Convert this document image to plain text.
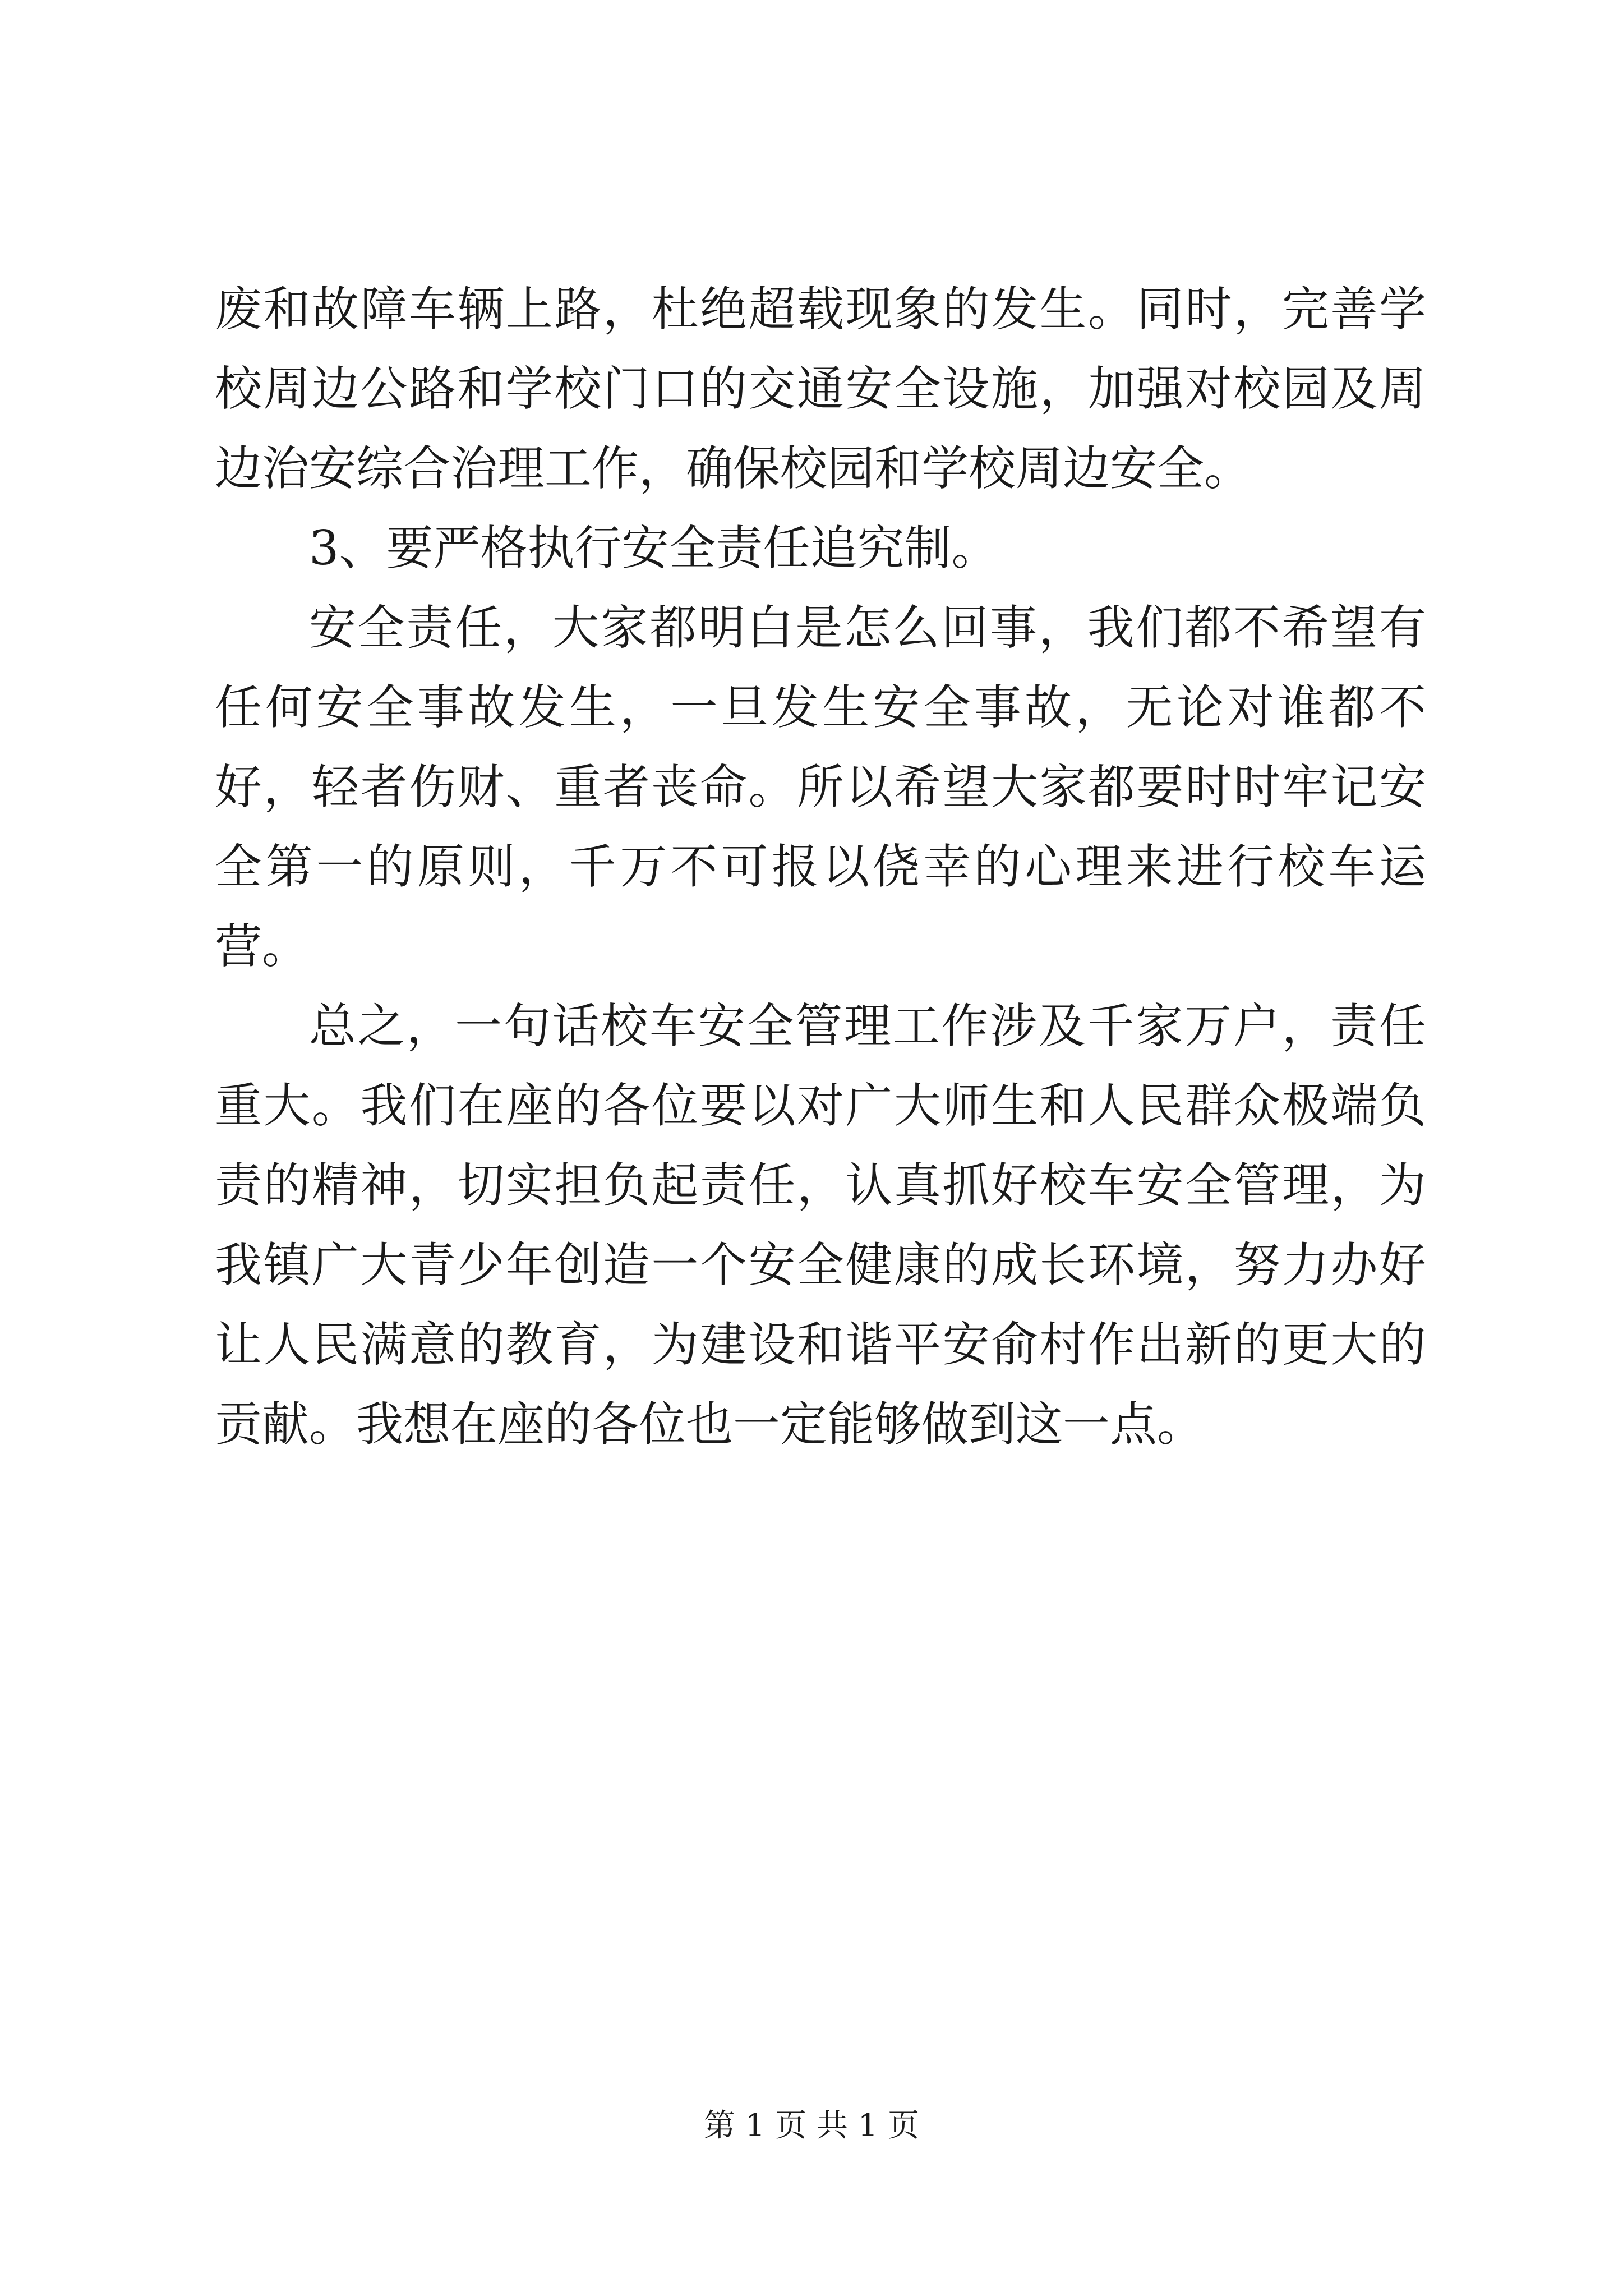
废和故障车辆上路，杜绝超载现象的发生。同时，完善学校周边公路和学校门口的交通安全设施，加强对校园及周边治安综合治理工作，确保校园和学校周边安全。

3、要严格执行安全责任追究制。

安全责任，大家都明白是怎么回事，我们都不希望有任何安全事故发生，一旦发生安全事故，无论对谁都不好，轻者伤财、重者丧命。所以希望大家都要时时牢记安全第一的原则，千万不可报以侥幸的心理来进行校车运营。

总之，一句话校车安全管理工作涉及千家万户，责任重大。我们在座的各位要以对广大师生和人民群众极端负责的精神，切实担负起责任，认真抓好校车安全管理，为我镇广大青少年创造一个安全健康的成长环境，努力办好让人民满意的教育，为建设和谐平安俞村作出新的更大的贡献。我想在座的各位也一定能够做到这一点。

第 1 页 共 1 页
